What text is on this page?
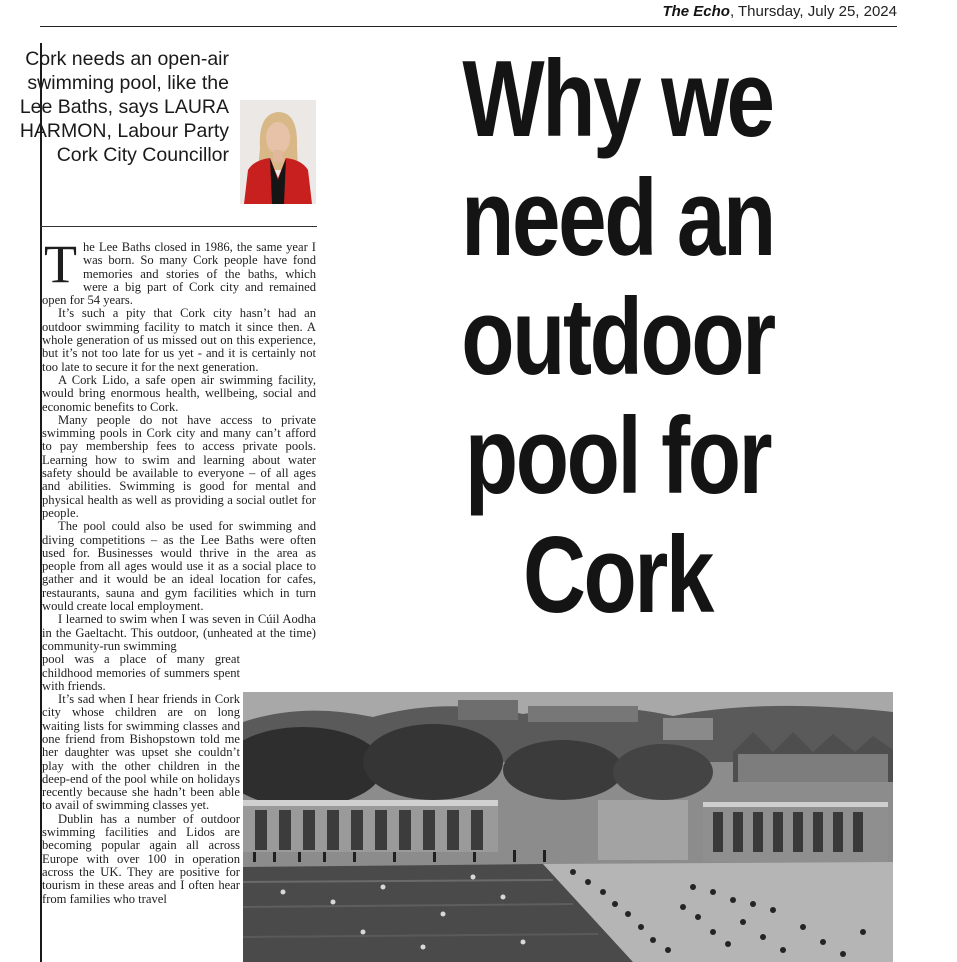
The Echo, Thursday, July 25, 2024
Cork needs an open-air swimming pool, like the Lee Baths, says LAURA HARMON, Labour Party Cork City Councillor	Why we
need an
outdoor
pool for
Cork

The Lee Baths closed in 1986, the same year I was born. So many Cork people have fond memories and stories of the baths, which were a big part of Cork city and remained open for 54 years.

It’s such a pity that Cork city hasn’t had an outdoor swimming facility to match it since then. A whole generation of us missed out on this experience, but it’s not too late for us yet - and it is certainly not too late to secure it for the next generation.

A Cork Lido, a safe open air swimming facility, would bring enormous health, wellbeing, social and economic benefits to Cork.

Many people do not have access to private swimming pools in Cork city and many can’t afford to pay membership fees to access private pools. Learning how to swim and learning about water safety should be available to everyone – of all ages and abilities. Swimming is good for mental and physical health as well as providing a social outlet for people.

The pool could also be used for swimming and diving competitions – as the Lee Baths were often used for. Businesses would thrive in the area as people from all ages would use it as a social place to gather and it would be an ideal location for cafes, restaurants, sauna and gym facilities which in turn would create local employment.

I learned to swim when I was seven in Cúil Aodha in the Gaeltacht. This outdoor, (unheated at the time) community-run swimming

pool was a place of many great childhood memories of summers spent with friends.

It’s sad when I hear friends in Cork city whose children are on long waiting lists for swimming classes and one friend from Bishopstown told me her daughter was upset she couldn’t play with the other children in the deep-end of the pool while on holidays recently because she hadn’t been able to avail of swimming classes yet.

Dublin has a number of outdoor swimming facilities and Lidos are becoming popular again all across Europe with over 100 in operation across the UK. They are positive for tourism in these areas and I often hear from families who travel
